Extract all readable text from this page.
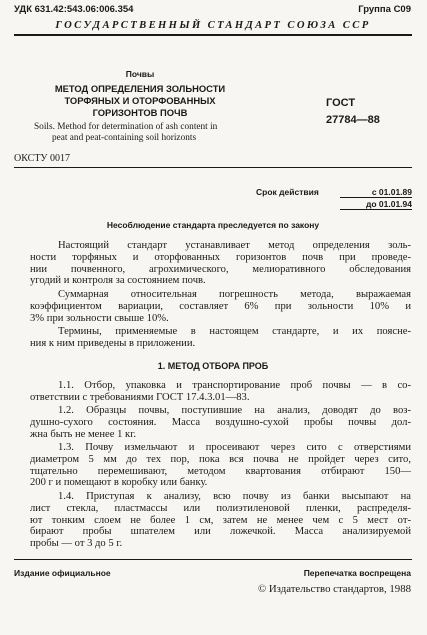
УДК 631.42:543.06:006.354	Группа С09
ГОСУДАРСТВЕННЫЙ СТАНДАРТ СОЮЗА ССР
Почвы
МЕТОД ОПРЕДЕЛЕНИЯ ЗОЛЬНОСТИ
ТОРФЯНЫХ И ОТОРФОВАННЫХ
ГОРИЗОНТОВ ПОЧВ
Soils. Method for determination of ash content in
peat and peat-containing soil horizonts
ГОСТ
27784—88
ОКСТУ 0017
Срок действия	с 01.01.89
до 01.01.94
Несоблюдение стандарта преследуется по закону
Настоящий стандарт устанавливает метод определения золь-
ности торфяных и оторфованных горизонтов почв при проведе-
нии почвенного, агрохимического, мелиоративного обследования
угодий и контроля за состоянием почв.
Суммарная относительная погрешность метода, выражаемая
коэффициентом вариации, составляет 6% при зольности 10% и
3% при зольности свыше 10%.
Термины, применяемые в настоящем стандарте, и их поясне-
ния к ним приведены в приложении.
1. МЕТОД ОТБОРА ПРОБ
1.1. Отбор, упаковка и транспортирование проб почвы — в со-
ответствии с требованиями ГОСТ 17.4.3.01—83.
1.2. Образцы почвы, поступившие на анализ, доводят до воз-
душно-сухого состояния. Масса воздушно-сухой пробы почвы дол-
жна быть не менее 1 кг.
1.3. Почву измельчают и просеивают через сито с отверстиями
диаметром 5 мм до тех пор, пока вся почва не пройдет через сито,
тщательно перемешивают, методом квартования отбирают 150—
200 г и помещают в коробку или банку.
1.4. Приступая к анализу, всю почву из банки высыпают на
лист стекла, пластмассы или полиэтиленовой пленки, распределя-
ют тонким слоем не более 1 см, затем не менее чем с 5 мест от-
бирают пробы шпателем или ложечкой. Масса анализируемой
пробы — от 3 до 5 г.
Издание официальное	Перепечатка воспрещена
© Издательство стандартов, 1988
